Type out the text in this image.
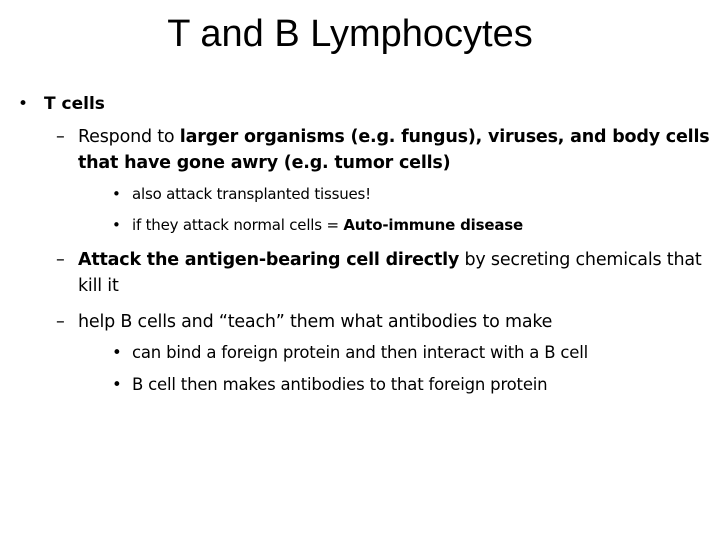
T and B Lymphocytes
• T cells
– Respond to larger organisms (e.g. fungus), viruses, and body cells that have gone awry (e.g. tumor cells)
• also attack transplanted tissues!
• if they attack normal cells = Auto-immune disease
– Attack the antigen-bearing cell directly by secreting chemicals that kill it
– help B cells and “teach” them what antibodies to make
• can bind a foreign protein and then interact with a B cell
• B cell then makes antibodies to that foreign protein
